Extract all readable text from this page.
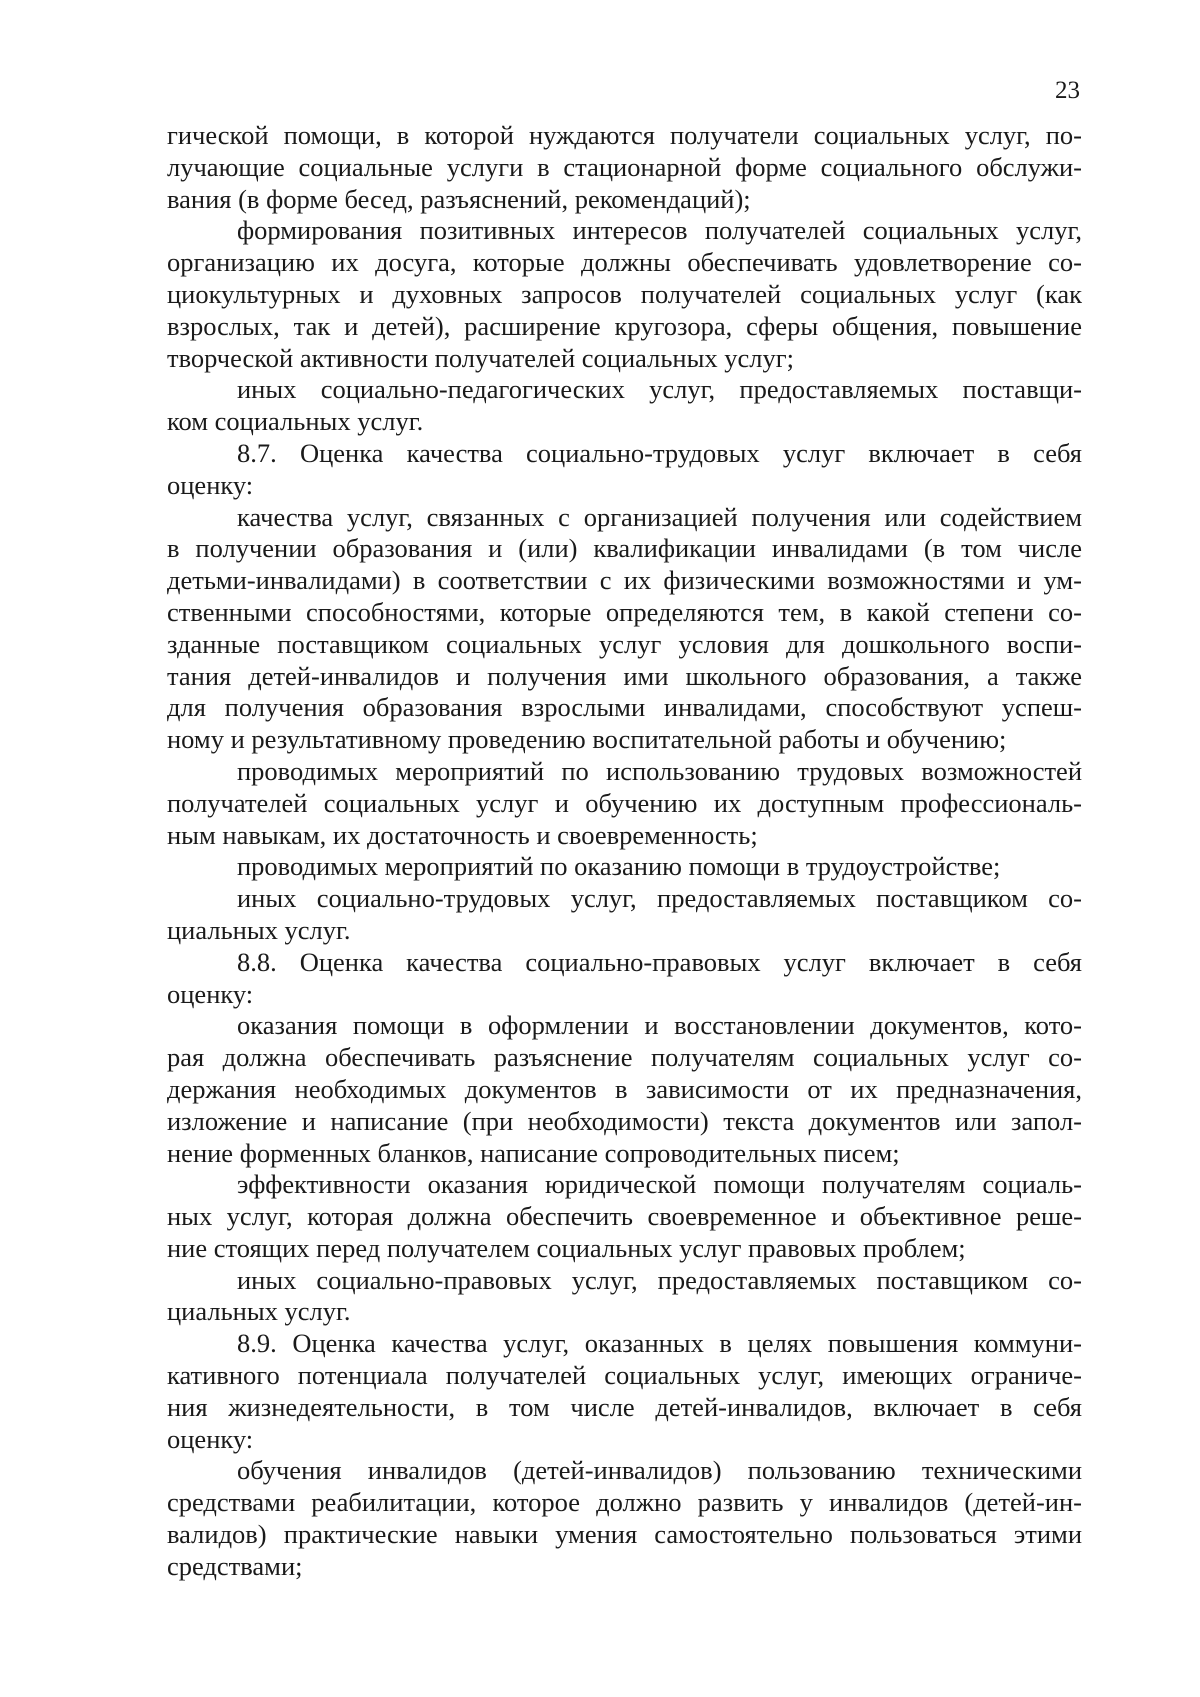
23
гической помощи, в которой нуждаются получатели социальных услуг, по-
лучающие социальные услуги в стационарной форме социального обслужи-
вания (в форме бесед, разъяснений, рекомендаций);
формирования позитивных интересов получателей социальных услуг,
организацию их досуга, которые должны обеспечивать удовлетворение со-
циокультурных и духовных запросов получателей социальных услуг (как
взрослых, так и детей), расширение кругозора, сферы общения, повышение
творческой активности получателей социальных услуг;
иных социально-педагогических услуг, предоставляемых поставщи-
ком социальных услуг.
8.7. Оценка качества социально-трудовых услуг включает в себя
оценку:
качества услуг, связанных с организацией получения или содействием
в получении образования и (или) квалификации инвалидами (в том числе
детьми-инвалидами) в соответствии с их физическими возможностями и ум-
ственными способностями, которые определяются тем, в какой степени со-
зданные поставщиком социальных услуг условия для дошкольного воспи-
тания детей-инвалидов и получения ими школьного образования, а также
для получения образования взрослыми инвалидами, способствуют успеш-
ному и результативному проведению воспитательной работы и обучению;
проводимых мероприятий по использованию трудовых возможностей
получателей социальных услуг и обучению их доступным профессиональ-
ным навыкам, их достаточность и своевременность;
проводимых мероприятий по оказанию помощи в трудоустройстве;
иных социально-трудовых услуг, предоставляемых поставщиком со-
циальных услуг.
8.8. Оценка качества социально-правовых услуг включает в себя
оценку:
оказания помощи в оформлении и восстановлении документов, кото-
рая должна обеспечивать разъяснение получателям социальных услуг со-
держания необходимых документов в зависимости от их предназначения,
изложение и написание (при необходимости) текста документов или запол-
нение форменных бланков, написание сопроводительных писем;
эффективности оказания юридической помощи получателям социаль-
ных услуг, которая должна обеспечить своевременное и объективное реше-
ние стоящих перед получателем социальных услуг правовых проблем;
иных социально-правовых услуг, предоставляемых поставщиком со-
циальных услуг.
8.9. Оценка качества услуг, оказанных в целях повышения коммуни-
кативного потенциала получателей социальных услуг, имеющих ограниче-
ния жизнедеятельности, в том числе детей-инвалидов, включает в себя
оценку:
обучения инвалидов (детей-инвалидов) пользованию техническими
средствами реабилитации, которое должно развить у инвалидов (детей-ин-
валидов) практические навыки умения самостоятельно пользоваться этими
средствами;
